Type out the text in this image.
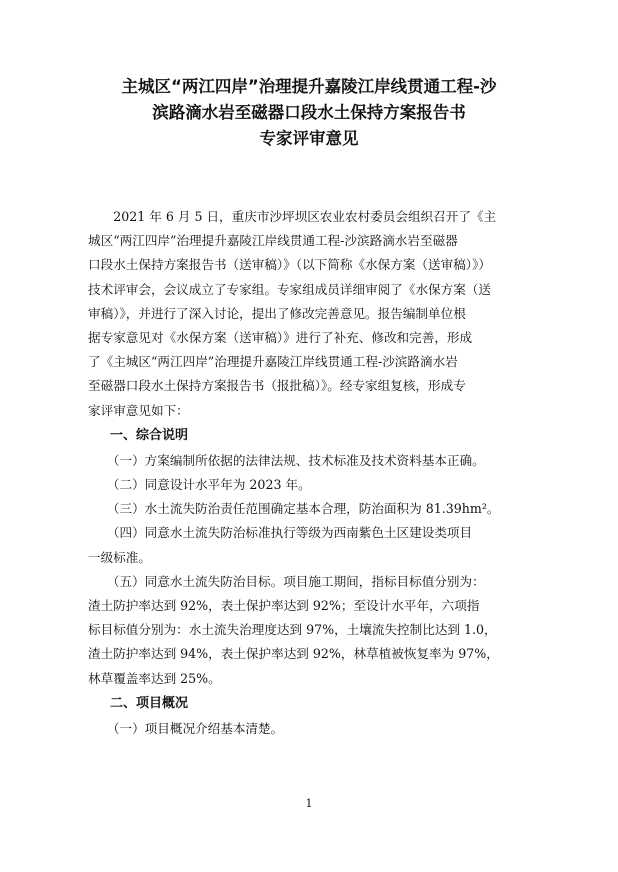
主城区“两江四岸”治理提升嘉陵江岸线贯通工程-沙
滨路滴水岩至磁器口段水土保持方案报告书
专家评审意见

　　2021 年 6 月 5 日，重庆市沙坪坝区农业农村委员会组织召开了《主
城区“两江四岸”治理提升嘉陵江岸线贯通工程-沙滨路滴水岩至磁器
口段水土保持方案报告书（送审稿）》（以下简称《水保方案（送审稿）》）
技术评审会，会议成立了专家组。专家组成员详细审阅了《水保方案（送
审稿）》，并进行了深入讨论，提出了修改完善意见。报告编制单位根
据专家意见对《水保方案（送审稿）》进行了补充、修改和完善，形成
了《主城区“两江四岸”治理提升嘉陵江岸线贯通工程-沙滨路滴水岩
至磁器口段水土保持方案报告书（报批稿）》。经专家组复核，形成专
家评审意见如下：

一、综合说明

　　（一）方案编制所依据的法律法规、技术标准及技术资料基本正确。

　　（二）同意设计水平年为 2023 年。

　　（三）水土流失防治责任范围确定基本合理，防治面积为 81.39hm²。

　　（四）同意水土流失防治标准执行等级为西南紫色土区建设类项目

一级标准。

　　（五）同意水土流失防治目标。项目施工期间，指标目标值分别为：

渣土防护率达到 92%，表土保护率达到 92%；至设计水平年，六项指

标目标值分别为：水土流失治理度达到 97%，土壤流失控制比达到 1.0，

渣土防护率达到 94%，表土保护率达到 92%，林草植被恢复率为 97%，

林草覆盖率达到 25%。

二、项目概况

　　（一）项目概况介绍基本清楚。

1
